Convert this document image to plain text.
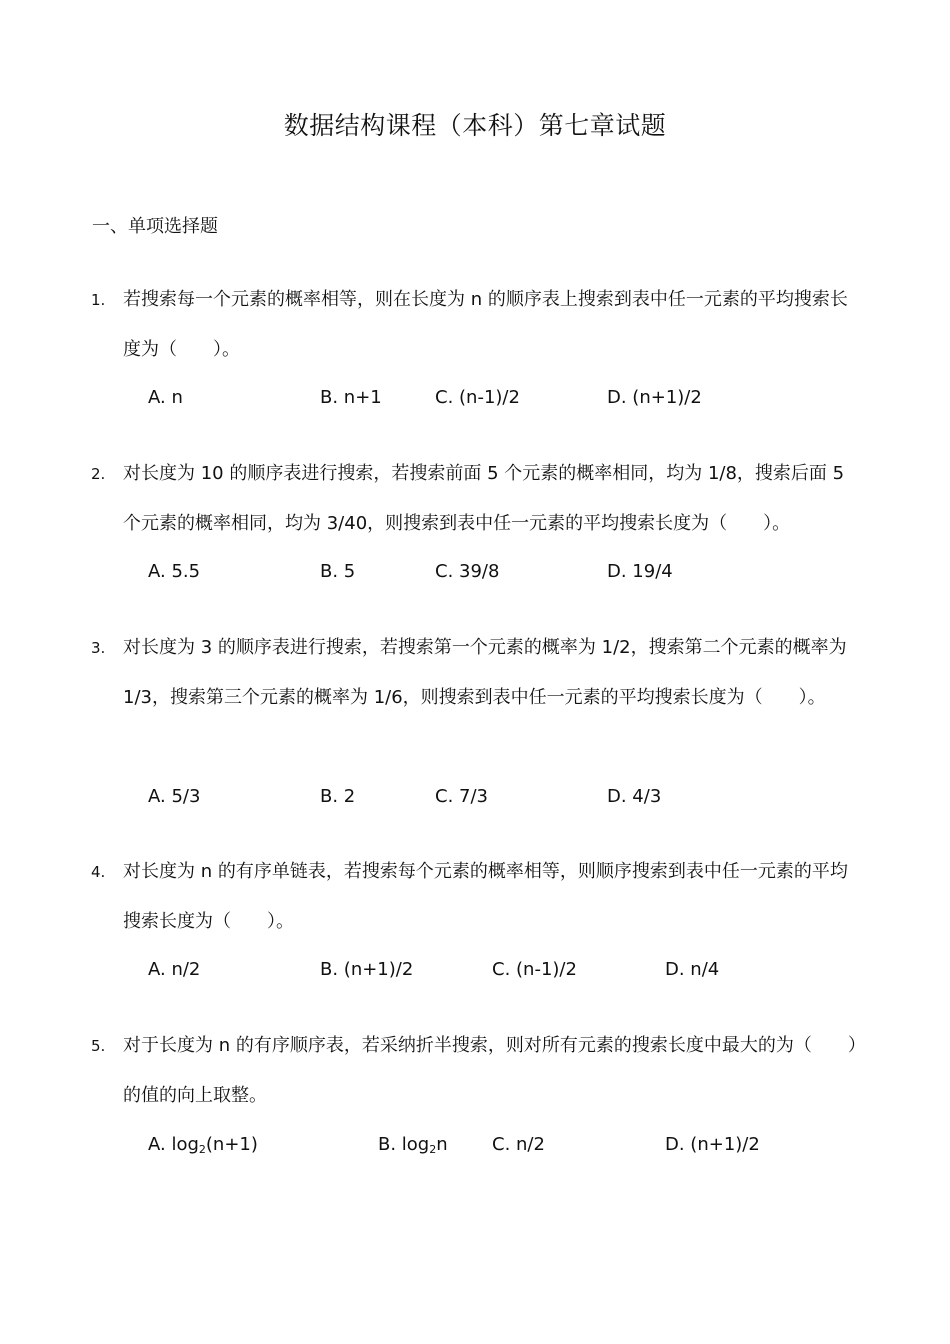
数据结构课程（本科）第七章试题
一、单项选择题
1. 若搜索每一个元素的概率相等，则在长度为 n 的顺序表上搜索到表中任一元素的平均搜索长度为（　　）。
A. n	B. n+1	C. (n-1)/2	D. (n+1)/2
2. 对长度为 10 的顺序表进行搜索，若搜索前面 5 个元素的概率相同，均为 1/8，搜索后面 5 个元素的概率相同，均为 3/40，则搜索到表中任一元素的平均搜索长度为（　　）。
A. 5.5	B. 5	C. 39/8	D. 19/4
3. 对长度为 3 的顺序表进行搜索，若搜索第一个元素的概率为 1/2，搜索第二个元素的概率为 1/3，搜索第三个元素的概率为 1/6，则搜索到表中任一元素的平均搜索长度为（　　）。
A. 5/3	B. 2	C. 7/3	D. 4/3
4. 对长度为 n 的有序单链表，若搜索每个元素的概率相等，则顺序搜索到表中任一元素的平均搜索长度为（　　）。
A. n/2	B. (n+1)/2	C. (n-1)/2	D. n/4
5. 对于长度为 n 的有序顺序表，若采纳折半搜索，则对所有元素的搜索长度中最大的为（　　）的值的向上取整。
A. $\log_2(n+1)$	B. $\log_2n$ C. n/2	D. (n+1)/2
